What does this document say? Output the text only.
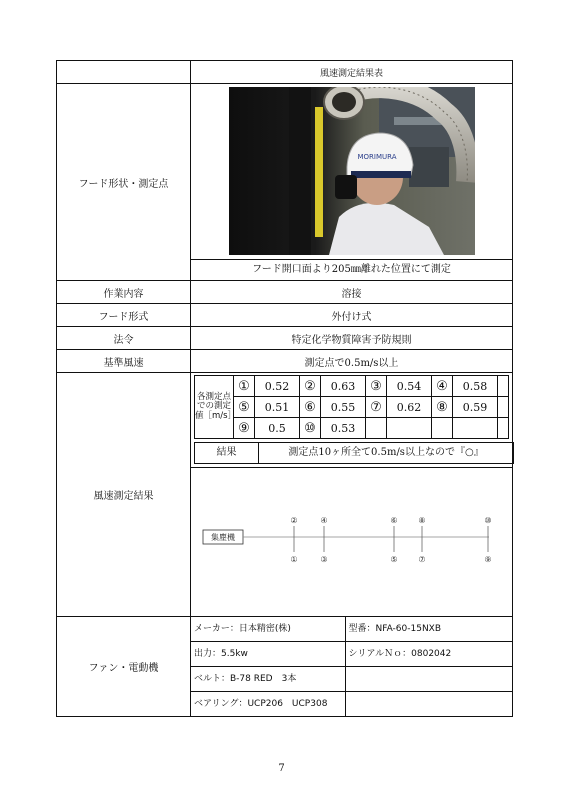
	風速測定結果表
フード形状・測定点	
MORIMURA
フード開口面より205㎜離れた位置にて測定

作業内容	溶接
フード形式	外付け式
法令	特定化学物質障害予防規則
基準風速	測定点で0.5m/s以上
風速測定結果	
各測定点での測定値［m/s］	①	0.52	②	0.63	③	0.54	④	0.58	
⑤	0.51	⑥	0.55	⑦	0.62	⑧	0.59	
⑨	0.5	⑩	0.53					
結果	測定点10ヶ所全て0.5m/s以上なので『○』
集塵機
②	④	⑥	⑧	⑩
①	③	⑤	⑦	⑨

ファン・電動機	
メーカー：日本精密(株)	型番：NFA-60-15NXB
出力：5.5kw	シリアルＮｏ：0802042
ベルト：B-78 RED　3本	
ベアリング：UCP206　UCP308	
7
